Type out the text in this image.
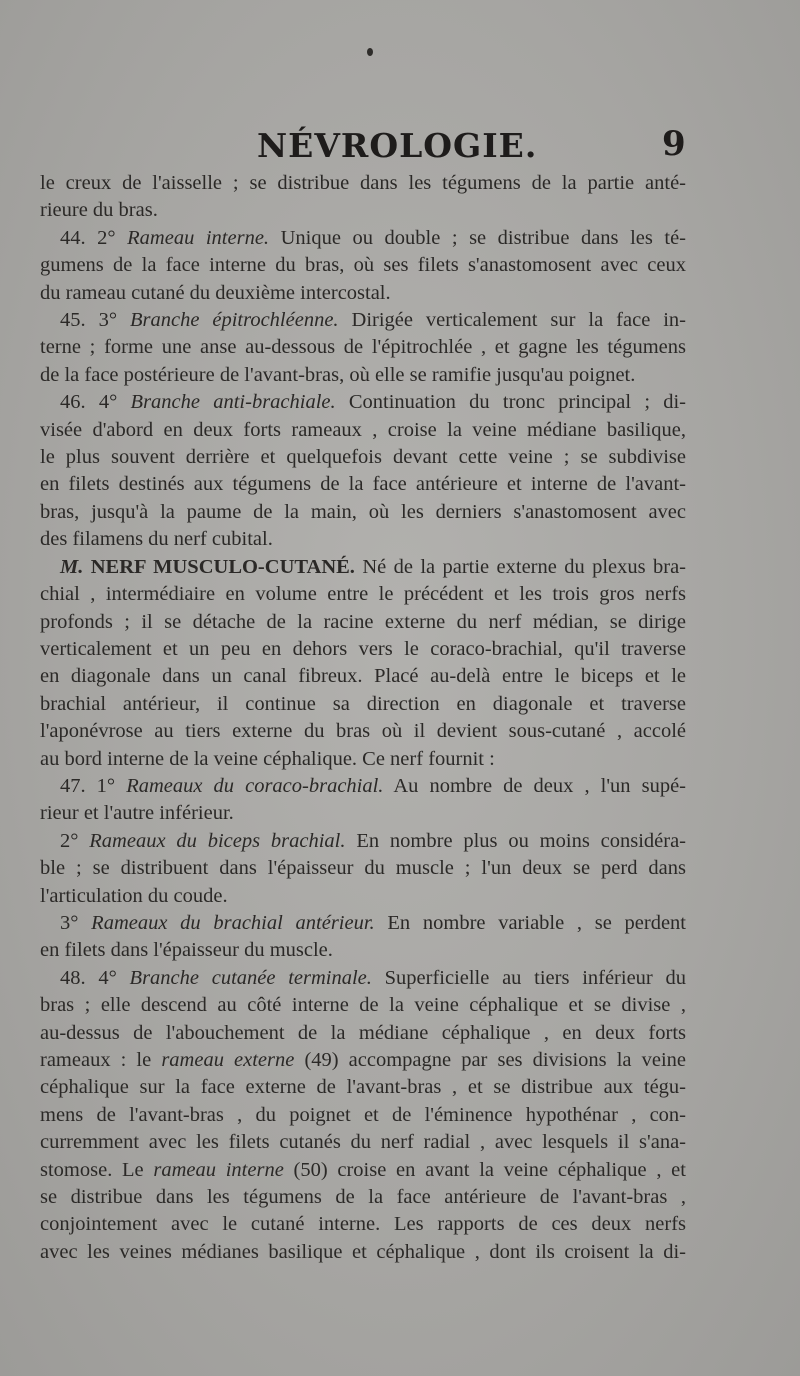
NÉVROLOGIE.	9

le creux de l'aisselle ; se distribue dans les tégumens de la partie anté-

rieure du bras.

44. 2° Rameau interne. Unique ou double ; se distribue dans les té-

gumens de la face interne du bras, où ses filets s'anastomosent avec ceux

du rameau cutané du deuxième intercostal.

45. 3° Branche épitrochléenne. Dirigée verticalement sur la face in-

terne ; forme une anse au-dessous de l'épitrochlée , et gagne les tégumens

de la face postérieure de l'avant-bras, où elle se ramifie jusqu'au poignet.

46. 4° Branche anti-brachiale. Continuation du tronc principal ; di-

visée d'abord en deux forts rameaux , croise la veine médiane basilique,

le plus souvent derrière et quelquefois devant cette veine ; se subdivise

en filets destinés aux tégumens de la face antérieure et interne de l'avant-

bras, jusqu'à la paume de la main, où les derniers s'anastomosent avec

des filamens du nerf cubital.

M. NERF MUSCULO-CUTANÉ. Né de la partie externe du plexus bra-

chial , intermédiaire en volume entre le précédent et les trois gros nerfs

profonds ; il se détache de la racine externe du nerf médian, se dirige

verticalement et un peu en dehors vers le coraco-brachial, qu'il traverse

en diagonale dans un canal fibreux. Placé au-delà entre le biceps et le

brachial antérieur, il continue sa direction en diagonale et traverse

l'aponévrose au tiers externe du bras où il devient sous-cutané , accolé

au bord interne de la veine céphalique. Ce nerf fournit :

47. 1° Rameaux du coraco-brachial. Au nombre de deux , l'un supé-

rieur et l'autre inférieur.

2° Rameaux du biceps brachial. En nombre plus ou moins considéra-

ble ; se distribuent dans l'épaisseur du muscle ; l'un deux se perd dans

l'articulation du coude.

3° Rameaux du brachial antérieur. En nombre variable , se perdent

en filets dans l'épaisseur du muscle.

48. 4° Branche cutanée terminale. Superficielle au tiers inférieur du

bras ; elle descend au côté interne de la veine céphalique et se divise ,

au-dessus de l'abouchement de la médiane céphalique , en deux forts

rameaux : le rameau externe (49) accompagne par ses divisions la veine

céphalique sur la face externe de l'avant-bras , et se distribue aux tégu-

mens de l'avant-bras , du poignet et de l'éminence hypothénar , con-

curremment avec les filets cutanés du nerf radial , avec lesquels il s'ana-

stomose. Le rameau interne (50) croise en avant la veine céphalique , et

se distribue dans les tégumens de la face antérieure de l'avant-bras ,

conjointement avec le cutané interne. Les rapports de ces deux nerfs

avec les veines médianes basilique et céphalique , dont ils croisent la di-
